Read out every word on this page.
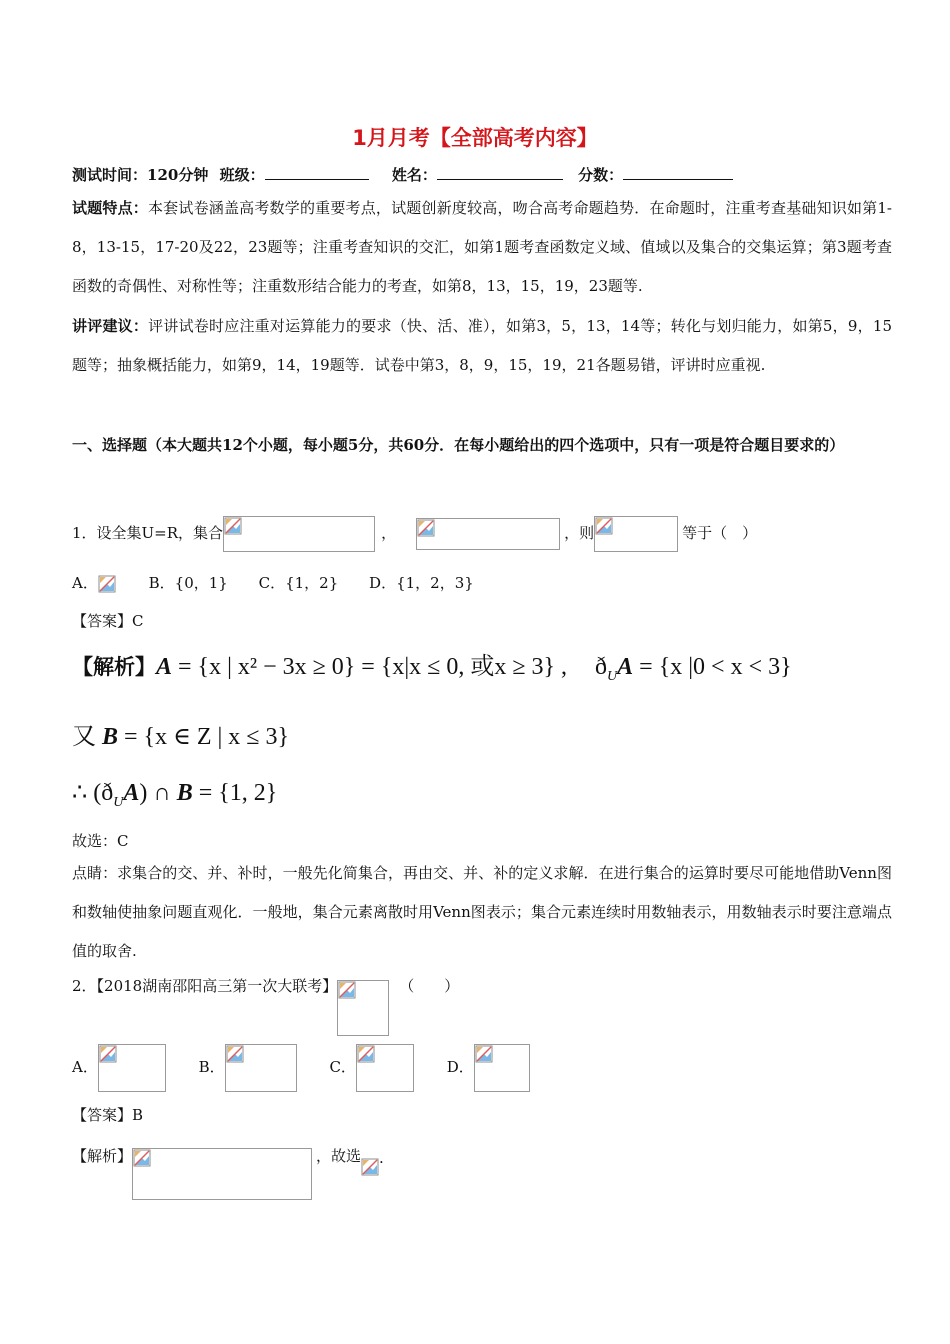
1月月考【全部高考内容】
测试时间：120分钟 班级：	姓名：	分数：
试题特点：本套试卷涵盖高考数学的重要考点，试题创新度较高，吻合高考命题趋势．在命题时，注重考查基础知识如第1-8，13-15，17-20及22，23题等；注重考查知识的交汇，如第1题考查函数定义域、值域以及集合的交集运算；第3题考查函数的奇偶性、对称性等；注重数形结合能力的考查，如第8，13，15，19，23题等.
讲评建议：评讲试卷时应注重对运算能力的要求（快、活、准），如第3，5，13，14等；转化与划归能力，如第5，9，15题等；抽象概括能力，如第9，14，19题等．试卷中第3，8，9，15，19，21各题易错，评讲时应重视.
一、选择题（本大题共12个小题，每小题5分，共60分．在每小题给出的四个选项中，只有一项是符合题目要求的）
1．设全集U=R，集合	，	，则	等于（　）
A．	B．{0，1} C．{1，2} D．{1，2，3}
【答案】C
【解析】A = {x | x² − 3x ≥ 0} = {x|x ≤ 0, 或x ≥ 3} , $ð_UA = \{x$ |0 < x < 3}
又 B = {x ∈ Z | x ≤ 3}
∴ $(ð_UA)$ ∩ B = {1, 2}
故选：C
点睛：求集合的交、并、补时，一般先化简集合，再由交、并、补的定义求解．在进行集合的运算时要尽可能地借助Venn图和数轴使抽象问题直观化．一般地，集合元素离散时用Venn图表示；集合元素连续时用数轴表示，用数轴表示时要注意端点值的取舍.
2．【2018湖南邵阳高三第一次大联考】	（　　）
A．	B．	C．	D．
【答案】B
【解析】	，故选 .
